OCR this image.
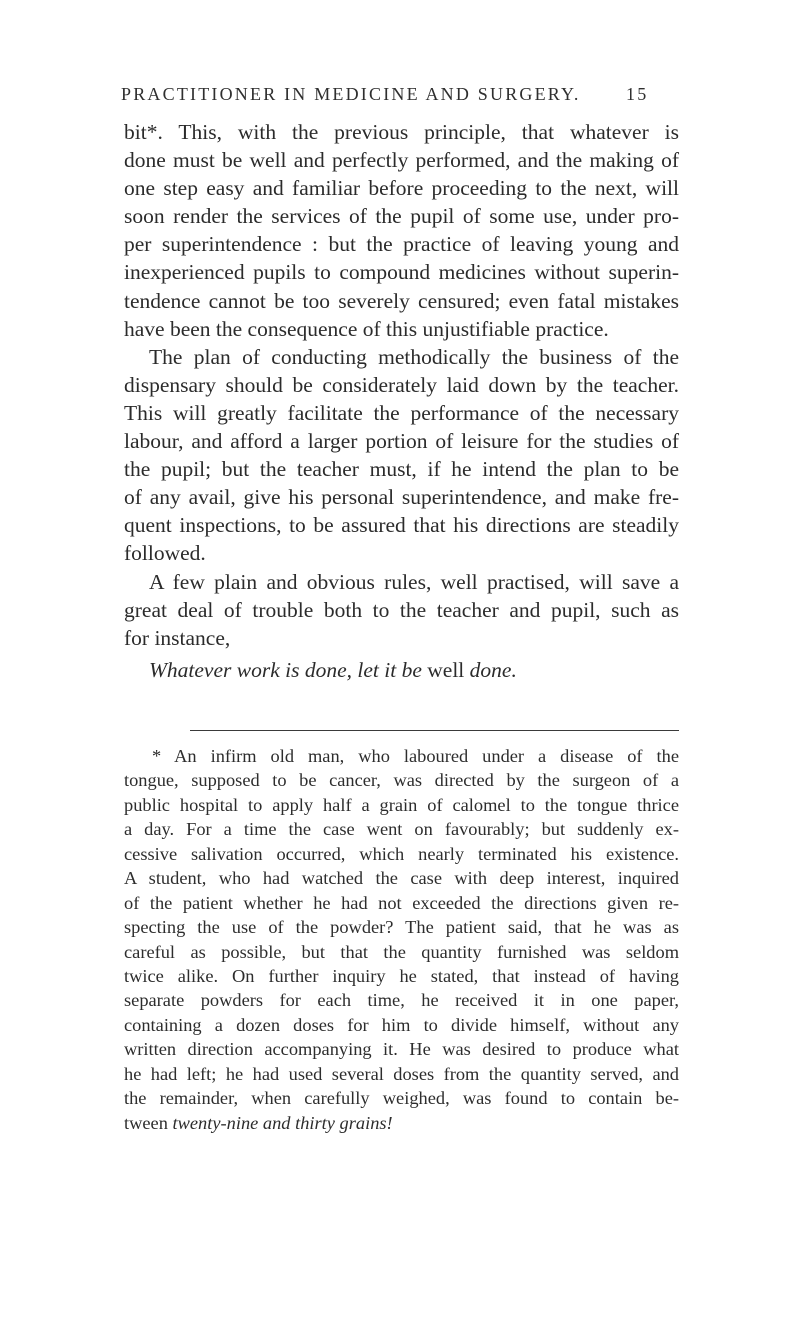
PRACTITIONER IN MEDICINE AND SURGERY.	15
bit*. This, with the previous principle, that whatever is
done must be well and perfectly performed, and the making of
one step easy and familiar before proceeding to the next, will
soon render the services of the pupil of some use, under pro-
per superintendence : but the practice of leaving young and
inexperienced pupils to compound medicines without superin-
tendence cannot be too severely censured; even fatal mistakes
have been the consequence of this unjustifiable practice.
The plan of conducting methodically the business of the
dispensary should be considerately laid down by the teacher.
This will greatly facilitate the performance of the necessary
labour, and afford a larger portion of leisure for the studies of
the pupil; but the teacher must, if he intend the plan to be
of any avail, give his personal superintendence, and make fre-
quent inspections, to be assured that his directions are steadily
followed.
A few plain and obvious rules, well practised, will save a
great deal of trouble both to the teacher and pupil, such as
for instance,
Whatever work is done, let it be well done.
* An infirm old man, who laboured under a disease of the
tongue, supposed to be cancer, was directed by the surgeon of a
public hospital to apply half a grain of calomel to the tongue thrice
a day. For a time the case went on favourably; but suddenly ex-
cessive salivation occurred, which nearly terminated his existence.
A student, who had watched the case with deep interest, inquired
of the patient whether he had not exceeded the directions given re-
specting the use of the powder? The patient said, that he was as
careful as possible, but that the quantity furnished was seldom
twice alike. On further inquiry he stated, that instead of having
separate powders for each time, he received it in one paper,
containing a dozen doses for him to divide himself, without any
written direction accompanying it. He was desired to produce what
he had left; he had used several doses from the quantity served, and
the remainder, when carefully weighed, was found to contain be-
tween twenty-nine and thirty grains!
